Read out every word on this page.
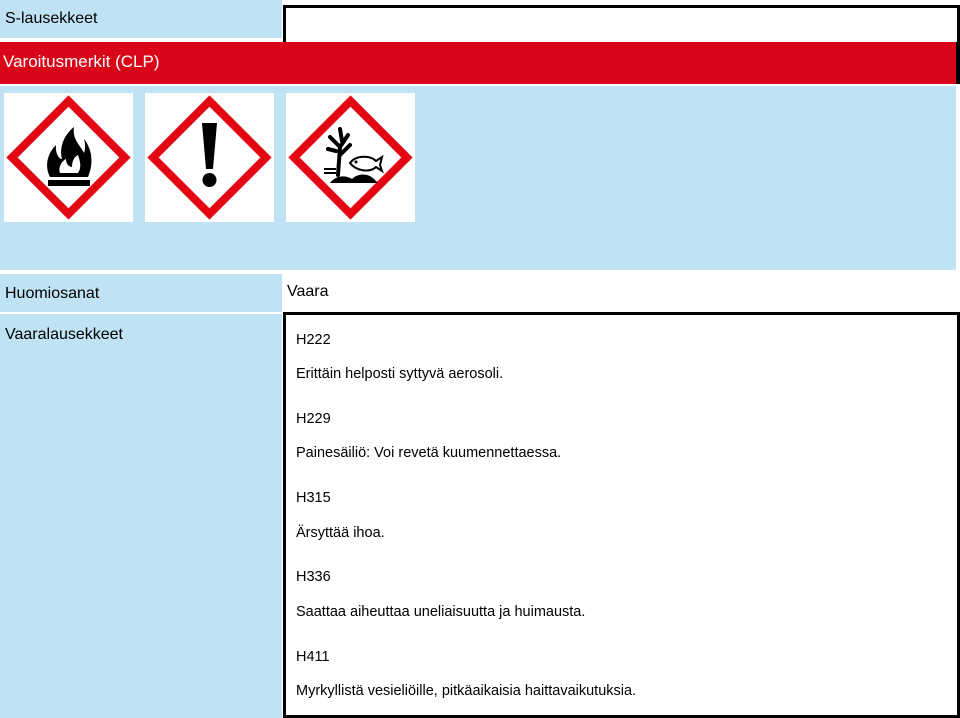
S-lausekkeet
Varoitusmerkit (CLP)
Huomiosanat	Vaara
Vaaralausekkeet	H222
Erittäin helposti syttyvä aerosoli.
H229
Painesäiliö: Voi revetä kuumennettaessa.
H315
Ärsyttää ihoa.
H336
Saattaa aiheuttaa uneliaisuutta ja huimausta.
H411
Myrkyllistä vesieliöille, pitkäaikaisia haittavaikutuksia.
